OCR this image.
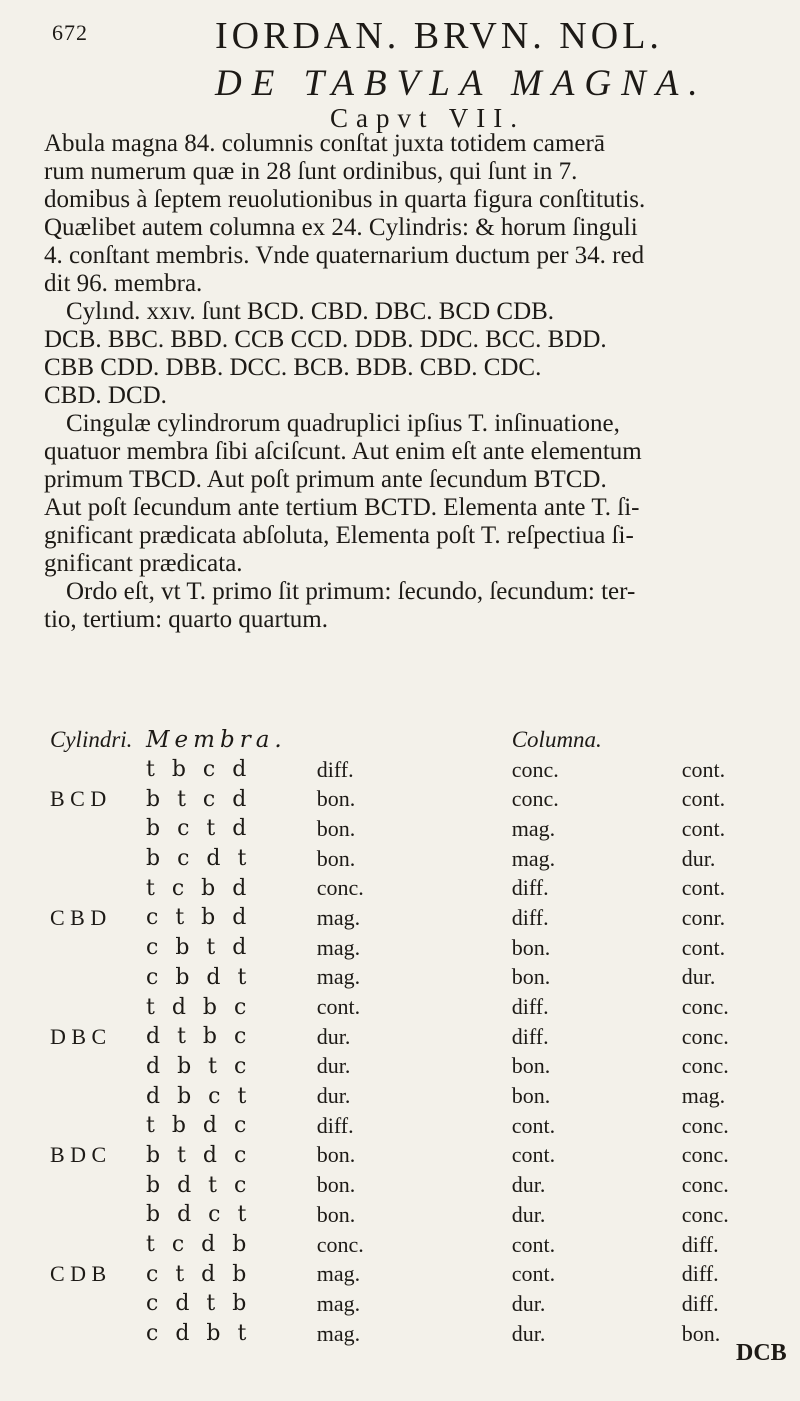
672	IORDAN. BRVN. NOL.
DE TABVLA MAGNA.
Capvt VII.

Abula magna 84. columnis conſtat juxta totidem camerā

rum numerum quæ in 28 ſunt ordinibus, qui ſunt in 7.

domibus à ſeptem reuolutionibus in quarta figura conſtitutis.

Quælibet autem columna ex 24. Cylindris: & horum ſinguli

4. conſtant membris. Vnde quaternarium ductum per 34. red

dit 96. membra.

Cylınd. xxıv. ſunt BCD. CBD. DBC. BCD CDB.

DCB. BBC. BBD. CCB CCD. DDB. DDC. BCC. BDD.

CBB CDD. DBB. DCC. BCB. BDB. CBD. CDC.

CBD. DCD.

Cingulæ cylindrorum quadruplici ipſius T. inſinuatione,

quatuor membra ſibi aſciſcunt. Aut enim eſt ante elementum

primum TBCD. Aut poſt primum ante ſecundum BTCD.

Aut poſt ſecundum ante tertium BCTD. Elementa ante T. ſi-

gnificant prædicata abſoluta, Elementa poſt T. reſpectiua ſi-

gnificant prædicata.

Ordo eſt, vt T. primo ſit primum: ſecundo, ſecundum: ter-

tio, tertium: quarto quartum.

Cylindri.	Membra.		Columna.	
	t b c d	diff.	conc.	cont.
B C D	b t c d	bon.	conc.	cont.
	b c t d	bon.	mag.	cont.
	b c d t	bon.	mag.	dur.
	t c b d	conc.	diff.	cont.
C B D	c t b d	mag.	diff.	conr.
	c b t d	mag.	bon.	cont.
	c b d t	mag.	bon.	dur.
	t d b c	cont.	diff.	conc.
D B C	d t b c	dur.	diff.	conc.
	d b t c	dur.	bon.	conc.
	d b c t	dur.	bon.	mag.
	t b d c	diff.	cont.	conc.
B D C	b t d c	bon.	cont.	conc.
	b d t c	bon.	dur.	conc.
	b d c t	bon.	dur.	conc.
	t c d b	conc.	cont.	diff.
C D B	c t d b	mag.	cont.	diff.
	c d t b	mag.	dur.	diff.
	c d b t	mag.	dur.	bon.
DCB
